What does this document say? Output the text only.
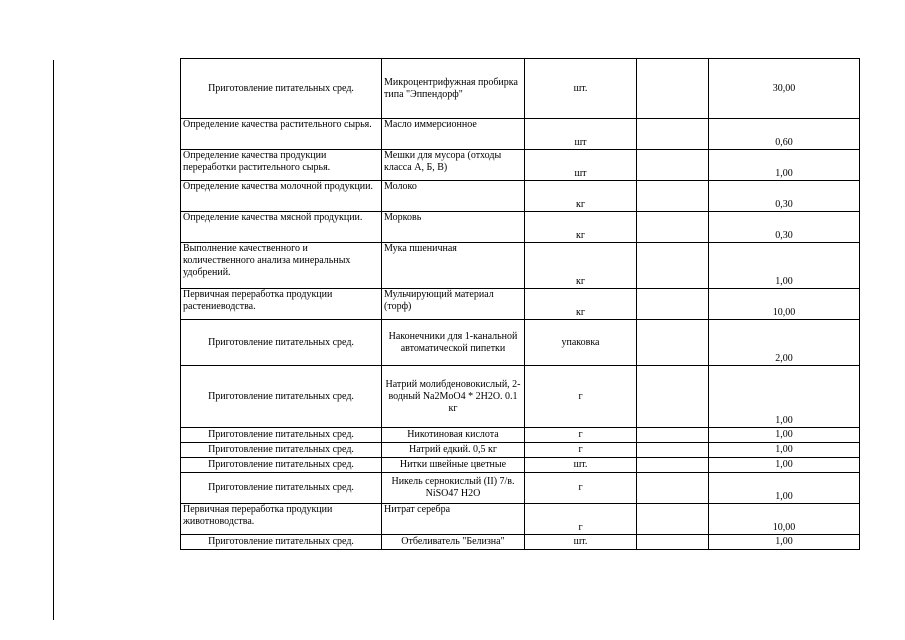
Приготовление питательных сред.	Микроцентрифужная пробирка типа "Эппендорф"	шт.		30,00
Определение качества растительного сырья.	Масло иммерсионное	шт		0,60
Определение качества продукции переработки растительного сырья.	Мешки для мусора (отходы класса А, Б, В)	шт		1,00
Определение качества молочной продукции.	Молоко	кг		0,30
Определение качества мясной продукции.	Морковь	кг		0,30
Выполнение качественного и количественного анализа минеральных удобрений.	Мука пшеничная	кг		1,00
Первичная переработка продукции растениеводства.	Мульчирующий материал (торф)	кг		10,00
Приготовление питательных сред.	Наконечники для 1-канальной автоматической пипетки	упаковка		2,00
Приготовление питательных сред.	Натрий молибденовокислый, 2-водный Na2MoO4 * 2H2O. 0.1 кг	г		1,00
Приготовление питательных сред.	Никотиновая кислота	г		1,00
Приготовление питательных сред.	Натрий едкий. 0,5 кг	г		1,00
Приготовление питательных сред.	Нитки швейные цветные	шт.		1,00
Приготовление питательных сред.	Никель сернокислый (II) 7/в. NiSO47 H2O	г		1,00
Первичная переработка продукции животноводства.	Нитрат серебра	г		10,00
Приготовление питательных сред.	Отбеливатель "Белизна"	шт.		1,00
